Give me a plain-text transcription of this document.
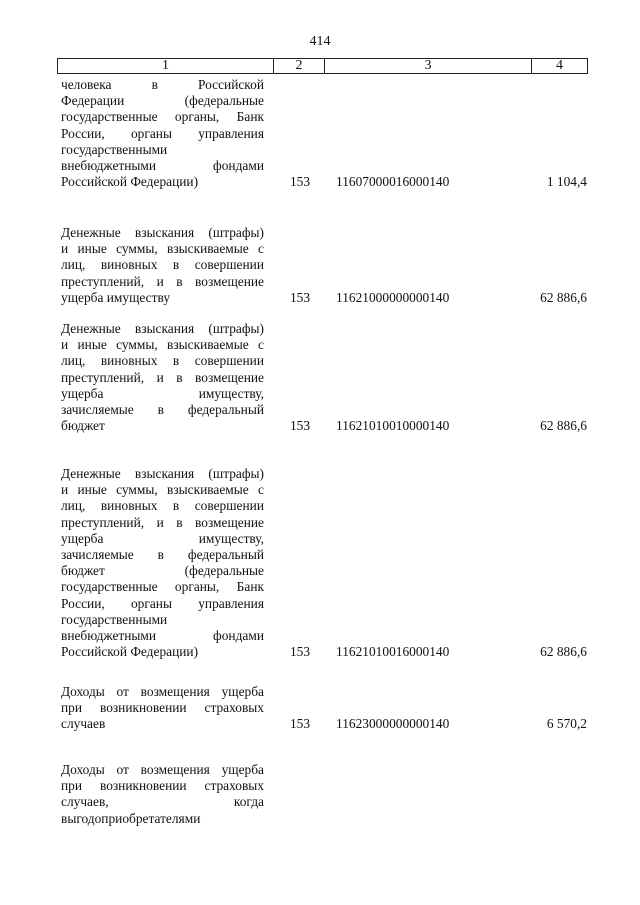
414
1	2	3	4
человека в Российской
Федерации (федеральные
государственные органы, Банк
России, органы управления
государственными
внебюджетными фондами
Российской Федерации)	153 11607000016000140	1 104,4
Денежные взыскания (штрафы)
и иные суммы, взыскиваемые с
лиц, виновных в совершении
преступлений, и в возмещение
ущерба имуществу	153 11621000000000140	62 886,6
Денежные взыскания (штрафы)
и иные суммы, взыскиваемые с
лиц, виновных в совершении
преступлений, и в возмещение
ущерба имуществу,
зачисляемые в федеральный
бюджет	153 11621010010000140	62 886,6
Денежные взыскания (штрафы)
и иные суммы, взыскиваемые с
лиц, виновных в совершении
преступлений, и в возмещение
ущерба имуществу,
зачисляемые в федеральный
бюджет (федеральные
государственные органы, Банк
России, органы управления
государственными
внебюджетными фондами
Российской Федерации)	153 11621010016000140	62 886,6
Доходы от возмещения ущерба
при возникновении страховых
случаев	153 11623000000000140	6 570,2
Доходы от возмещения ущерба
при возникновении страховых
случаев, когда
выгодоприобретателями
